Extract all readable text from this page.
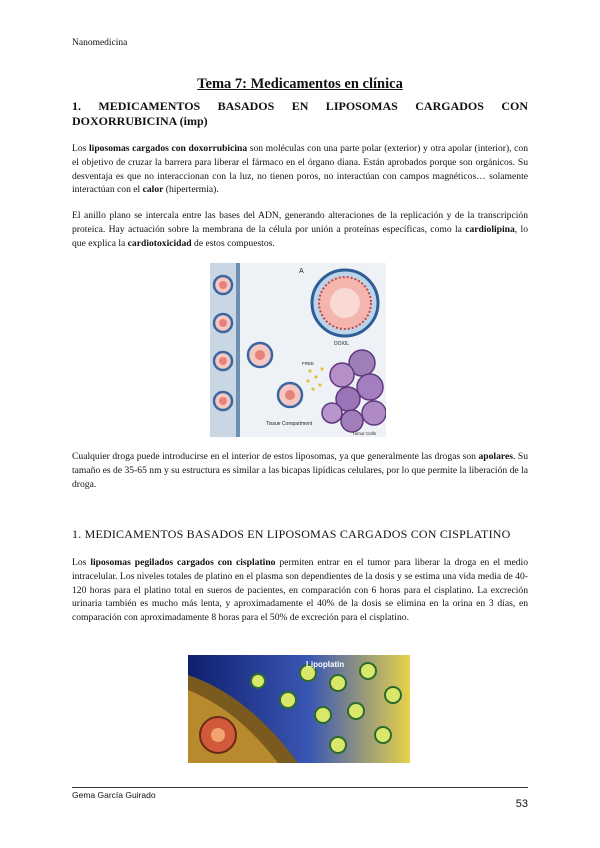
Nanomedicina
Tema 7: Medicamentos en clínica
1. MEDICAMENTOS BASADOS EN LIPOSOMAS CARGADOS CON DOXORRUBICINA (imp)
Los liposomas cargados con doxorrubicina son moléculas con una parte polar (exterior) y otra apolar (interior), con el objetivo de cruzar la barrera para liberar el fármaco en el órgano diana. Están aprobados porque son orgánicos. Su desventaja es que no interaccionan con la luz, no tienen poros, no interactúan con campos magnéticos… solamente interactúan con el calor (hipertermia).
El anillo plano se intercala entre las bases del ADN, generando alteraciones de la replicación y de la transcripción proteica. Hay actuación sobre la membrana de la célula por unión a proteínas específicas, como la cardiolipina, lo que explica la cardiotoxicidad de estos compuestos.
A
DOXIL
FREE
Tissue Compartment
Tumor Cells
Cualquier droga puede introducirse en el interior de estos liposomas, ya que generalmente las drogas son apolares. Su tamaño es de 35-65 nm y su estructura es similar a las bicapas lipídicas celulares, por lo que permite la liberación de la droga.
1. MEDICAMENTOS BASADOS EN LIPOSOMAS CARGADOS CON CISPLATINO
Los liposomas pegilados cargados con cisplatino permiten entrar en el tumor para liberar la droga en el medio intracelular. Los niveles totales de platino en el plasma son dependientes de la dosis y se estima una vida media de 40-120 horas para el platino total en sueros de pacientes, en comparación con 6 horas para el cisplatino. La excreción urinaria también es mucho más lenta, y aproximadamente el 40% de la dosis se elimina en la orina en 3 días, en comparación con aproximadamente 8 horas para el 50% de excreción para el cisplatino.
Lipoplatin
Gema García Guirado
53
